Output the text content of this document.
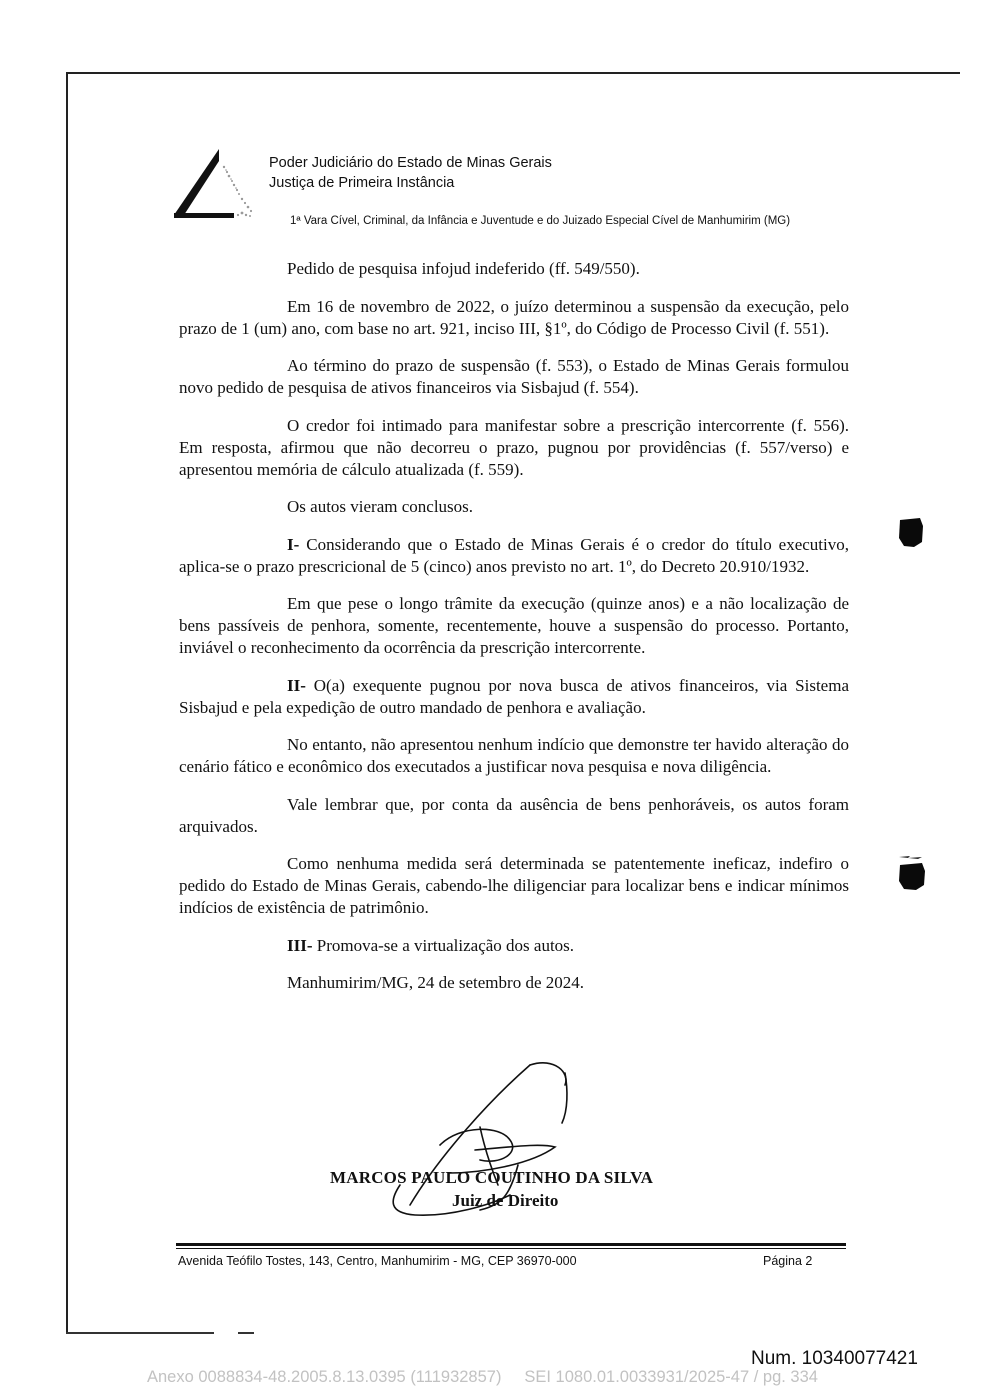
Poder Judiciário do Estado de Minas Gerais
Justiça de Primeira Instância
1ª Vara Cível, Criminal, da Infância e Juventude e do Juizado Especial Cível de Manhumirim (MG)

Pedido de pesquisa infojud indeferido (ff. 549/550).

Em 16 de novembro de 2022, o juízo determinou a suspensão da execução, pelo prazo de 1 (um) ano, com base no art. 921, inciso III, §1º, do Código de Processo Civil (f. 551).

Ao término do prazo de suspensão (f. 553), o Estado de Minas Gerais formulou novo pedido de pesquisa de ativos financeiros via Sisbajud (f. 554).

O credor foi intimado para manifestar sobre a prescrição intercorrente (f. 556). Em resposta, afirmou que não decorreu o prazo, pugnou por providências (f. 557/verso) e apresentou memória de cálculo atualizada (f. 559).

Os autos vieram conclusos.

I- Considerando que o Estado de Minas Gerais é o credor do título executivo, aplica-se o prazo prescricional de 5 (cinco) anos previsto no art. 1º, do Decreto 20.910/1932.

Em que pese o longo trâmite da execução (quinze anos) e a não localização de bens passíveis de penhora, somente, recentemente, houve a suspensão do processo. Portanto, inviável o reconhecimento da ocorrência da prescrição intercorrente.

II- O(a) exequente pugnou por nova busca de ativos financeiros, via Sistema Sisbajud e pela expedição de outro mandado de penhora e avaliação.

No entanto, não apresentou nenhum indício que demonstre ter havido alteração do cenário fático e econômico dos executados a justificar nova pesquisa e nova diligência.

Vale lembrar que, por conta da ausência de bens penhoráveis, os autos foram arquivados.

Como nenhuma medida será determinada se patentemente ineficaz, indefiro o pedido do Estado de Minas Gerais, cabendo-lhe diligenciar para localizar bens e indicar mínimos indícios de existência de patrimônio.

III- Promova-se a virtualização dos autos.

Manhumirim/MG, 24 de setembro de 2024.

MARCOS PAULO COUTINHO DA SILVA
Juiz de Direito
Avenida Teófilo Tostes, 143, Centro, Manhumirim - MG, CEP 36970-000	Página 2
Num. 10340077421
Anexo 0088834-48.2005.8.13.0395 (111932857)     SEI 1080.01.0033931/2025-47 / pg. 334
